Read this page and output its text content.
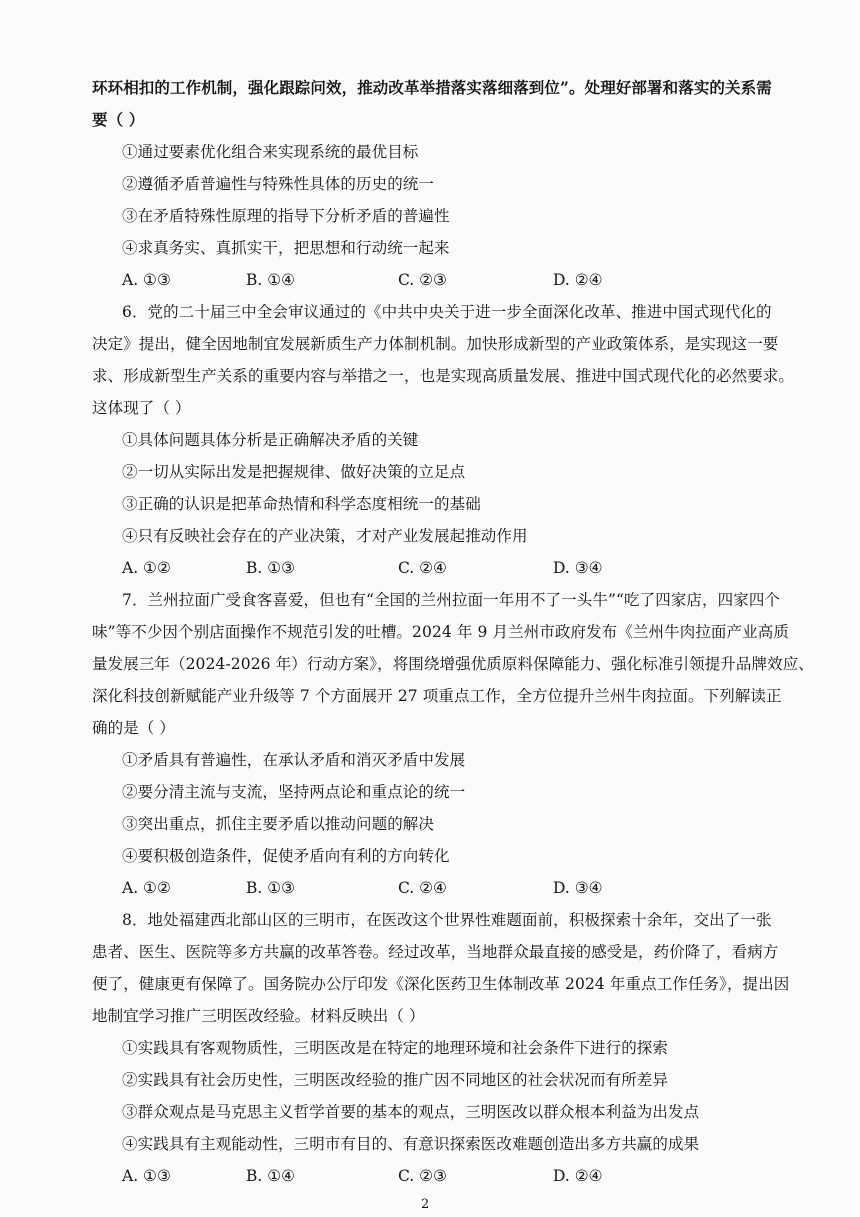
环环相扣的工作机制，强化跟踪问效，推动改革举措落实落细落到位”。处理好部署和落实的关系需
要（ ）
①通过要素优化组合来实现系统的最优目标
②遵循矛盾普遍性与特殊性具体的历史的统一
③在矛盾特殊性原理的指导下分析矛盾的普遍性
④求真务实、真抓实干，把思想和行动统一起来
A. ①③	B. ①④	C. ②③	D. ②④
6．党的二十届三中全会审议通过的《中共中央关于进一步全面深化改革、推进中国式现代化的
决定》提出，健全因地制宜发展新质生产力体制机制。加快形成新型的产业政策体系，是实现这一要
求、形成新型生产关系的重要内容与举措之一，也是实现高质量发展、推进中国式现代化的必然要求。
这体现了（ ）
①具体问题具体分析是正确解决矛盾的关键
②一切从实际出发是把握规律、做好决策的立足点
③正确的认识是把革命热情和科学态度相统一的基础
④只有反映社会存在的产业决策，才对产业发展起推动作用
A. ①②	B. ①③	C. ②④	D. ③④
7．兰州拉面广受食客喜爱，但也有“全国的兰州拉面一年用不了一头牛”“吃了四家店，四家四个
味”等不少因个别店面操作不规范引发的吐槽。2024 年 9 月兰州市政府发布《兰州牛肉拉面产业高质
量发展三年（2024-2026 年）行动方案》，将围绕增强优质原料保障能力、强化标准引领提升品牌效应、
深化科技创新赋能产业升级等 7 个方面展开 27 项重点工作，全方位提升兰州牛肉拉面。下列解读正
确的是（ ）
①矛盾具有普遍性，在承认矛盾和消灭矛盾中发展
②要分清主流与支流，坚持两点论和重点论的统一
③突出重点，抓住主要矛盾以推动问题的解决
④要积极创造条件，促使矛盾向有利的方向转化
A. ①②	B. ①③	C. ②④	D. ③④
8．地处福建西北部山区的三明市，在医改这个世界性难题面前，积极探索十余年，交出了一张
患者、医生、医院等多方共赢的改革答卷。经过改革，当地群众最直接的感受是，药价降了，看病方
便了，健康更有保障了。国务院办公厅印发《深化医药卫生体制改革 2024 年重点工作任务》，提出因
地制宜学习推广三明医改经验。材料反映出（ ）
①实践具有客观物质性，三明医改是在特定的地理环境和社会条件下进行的探索
②实践具有社会历史性，三明医改经验的推广因不同地区的社会状况而有所差异
③群众观点是马克思主义哲学首要的基本的观点，三明医改以群众根本利益为出发点
④实践具有主观能动性，三明市有目的、有意识探索医改难题创造出多方共赢的成果
A. ①③	B. ①④	C. ②③	D. ②④
2
